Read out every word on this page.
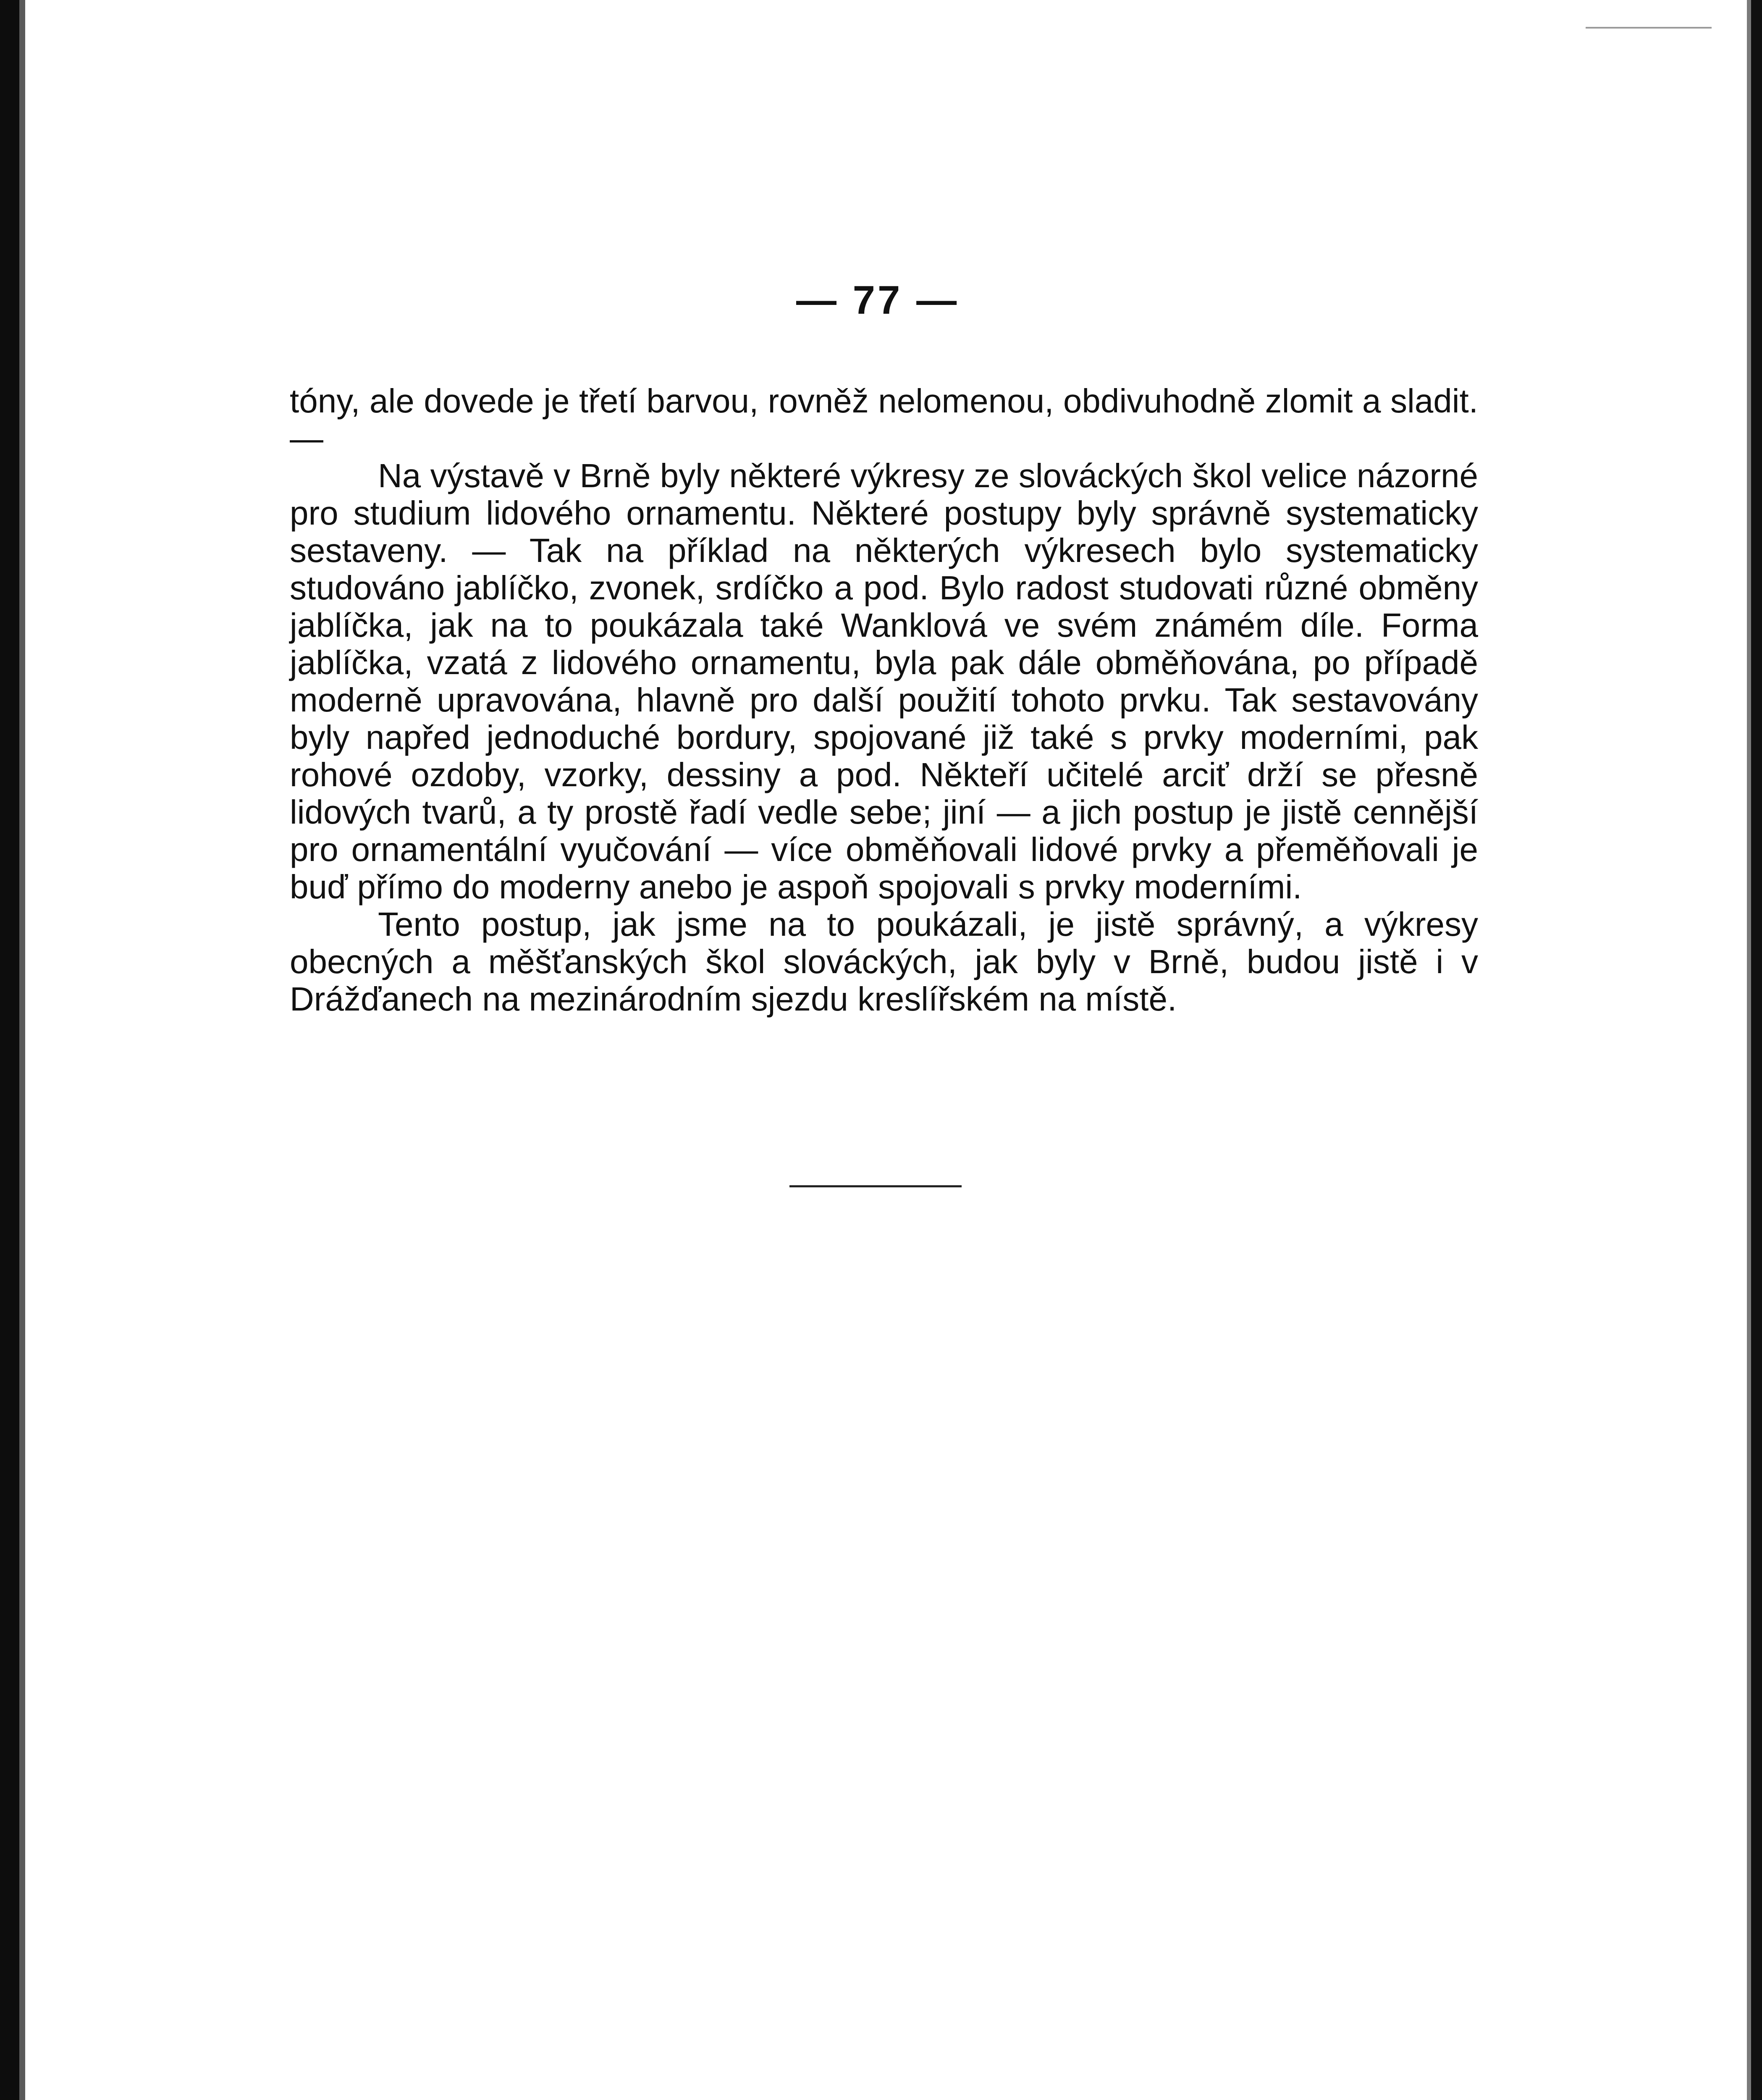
— 77 —

tóny, ale dovede je třetí barvou, rovněž nelomenou, obdivuhodně zlomit a sladit. —

Na výstavě v Brně byly některé výkresy ze slováckých škol velice názorné pro studium lidového ornamentu. Některé postupy byly správně systematicky sestaveny. — Tak na příklad na některých výkresech bylo systematicky studováno jablíčko, zvonek, srdíčko a pod. Bylo radost studovati různé obměny jablíčka, jak na to poukázala také Wanklová ve svém známém díle. Forma jablíčka, vzatá z lidového ornamentu, byla pak dále obměňována, po případě moderně upravována, hlavně pro další použití tohoto prvku. Tak sestavovány byly napřed jednoduché bordury, spojované již také s prvky moderními, pak rohové ozdoby, vzorky, dessiny a pod. Někteří učitelé arciť drží se přesně lidových tvarů, a ty prostě řadí vedle sebe; jiní — a jich postup je jistě cennější pro ornamentální vyučování — více obměňovali lidové prvky a přeměňovali je buď přímo do moderny anebo je aspoň spojovali s prvky moderními.

Tento postup, jak jsme na to poukázali, je jistě správný, a výkresy obecných a měšťanských škol slováckých, jak byly v Brně, budou jistě i v Drážďanech na mezinárodním sjezdu kreslířském na místě.
